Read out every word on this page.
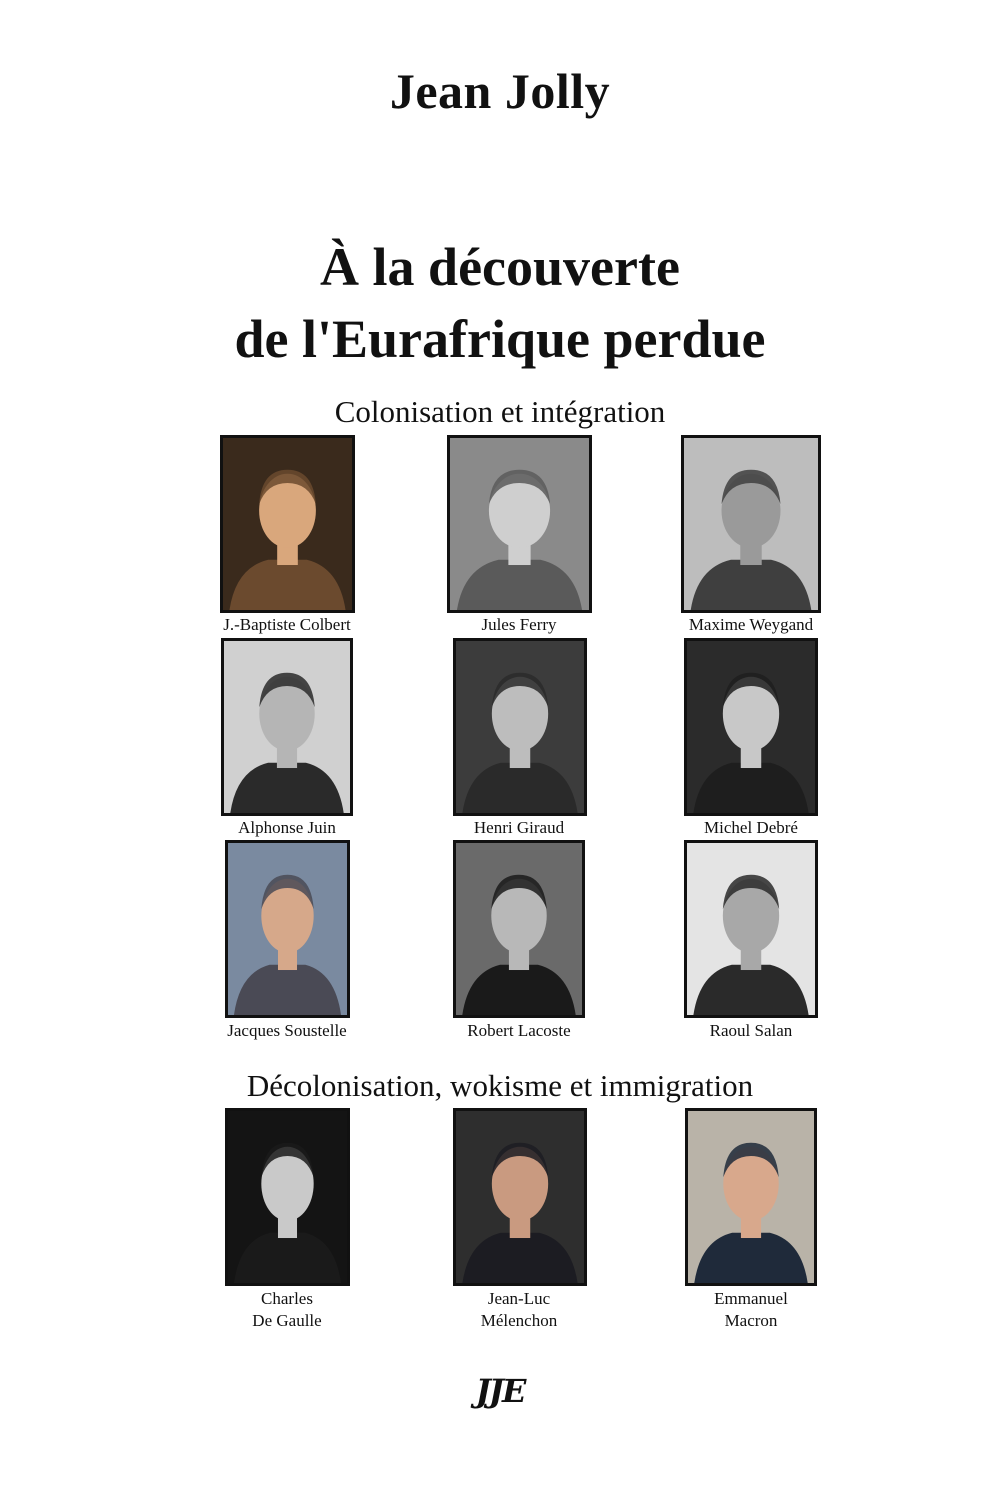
Jean Jolly
À la découverte
de l'Eurafrique perdue
Colonisation et intégration
J.-Baptiste Colbert	Jules Ferry	Maxime Weygand
Alphonse Juin	Henri Giraud	Michel Debré
Jacques Soustelle	Robert Lacoste	Raoul Salan
Décolonisation, wokisme et immigration
Charles
De Gaulle
Jean-Luc
Mélenchon
Emmanuel
Macron
JJE
